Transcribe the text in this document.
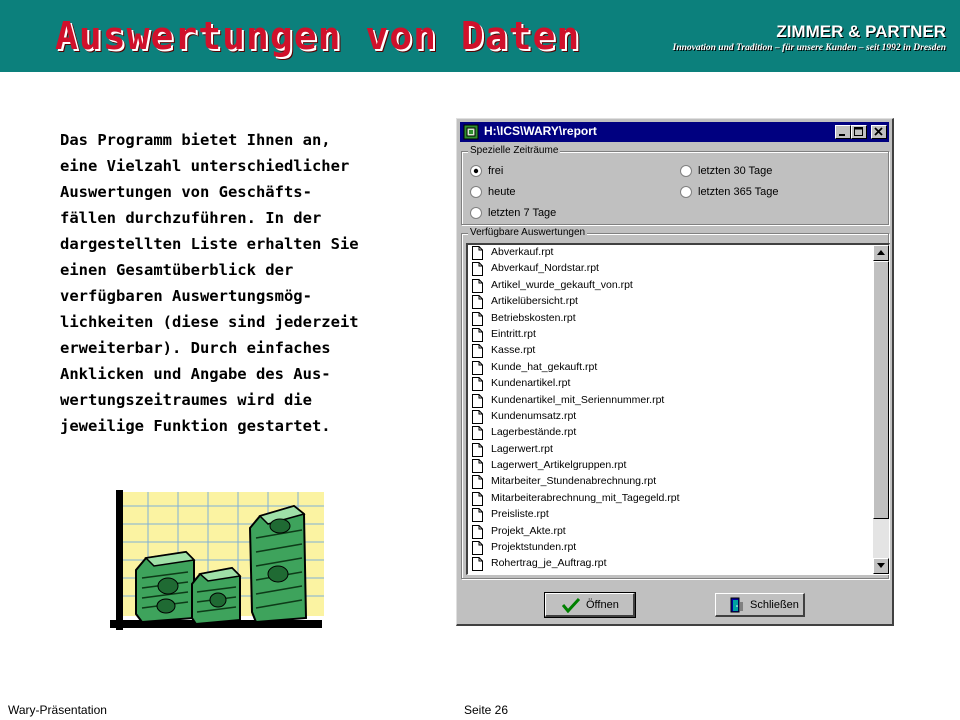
Auswertungen von Daten	ZIMMER & PARTNER
Innovation und Tradition – für unsere Kunden – seit 1992 in Dresden
Das Programm bietet Ihnen an,
eine Vielzahl unterschiedlicher
Auswertungen von Geschäfts-
fällen durchzuführen. In der
dargestellten Liste erhalten Sie
einen Gesamtüberblick der
verfügbaren Auswertungsmög-
lichkeiten (diese sind jederzeit
erweiterbar). Durch einfaches
Anklicken und Angabe des Aus-
wertungszeitraumes wird die
jeweilige Funktion gestartet.
H:\ICS\WARY\report
Spezielle Zeiträume
frei
heute
letzten 7 Tage
letzten 30 Tage
letzten 365 Tage
Verfügbare Auswertungen
Abverkauf.rpt
Abverkauf_Nordstar.rpt
Artikel_wurde_gekauft_von.rpt
Artikelübersicht.rpt
Betriebskosten.rpt
Eintritt.rpt
Kasse.rpt
Kunde_hat_gekauft.rpt
Kundenartikel.rpt
Kundenartikel_mit_Seriennummer.rpt
Kundenumsatz.rpt
Lagerbestände.rpt
Lagerwert.rpt
Lagerwert_Artikelgruppen.rpt
Mitarbeiter_Stundenabrechnung.rpt
Mitarbeiterabrechnung_mit_Tagegeld.rpt
Preisliste.rpt
Projekt_Akte.rpt
Projektstunden.rpt
Rohertrag_je_Auftrag.rpt
Öffnen	Schließen
Wary-Präsentation	Seite 26
